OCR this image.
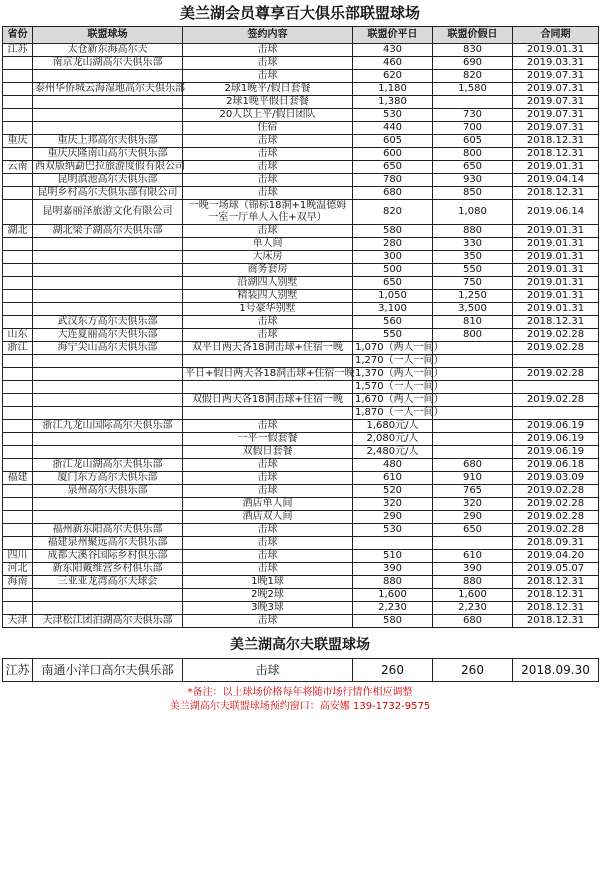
美兰湖会员尊享百大俱乐部联盟球场
省份	联盟球场	签约内容	联盟价平日	联盟价假日	合同期
江苏	太仓新东海高尔夫	击球	430	830	2019.01.31
	南京龙山湖高尔夫俱乐部	击球	460	690	2019.03.31
		击球	620	820	2019.07.31
	泰州华侨城云海湿地高尔夫俱乐部	2球1晚平/假日套餐	1,180	1,580	2019.07.31
		2球1晚平假日套餐	1,380		2019.07.31
		20人以上平/假日团队	530	730	2019.07.31
		住宿	440	700	2019.07.31
重庆	重庆上邦高尔夫俱乐部	击球	605	605	2018.12.31
	重庆庆隆南山高尔夫俱乐部	击球	600	800	2018.12.31
云南	西双版纳勐巴拉旅游度假有限公司	击球	650	650	2019.01.31
	昆明滇池高尔夫俱乐部	击球	780	930	2019.04.14
	昆明乡村高尔夫俱乐部有限公司	击球	680	850	2018.12.31
	昆明嘉丽泽旅游文化有限公司	一晚一场球（锦标18洞+1晚温德姆一室一厅单人入住+双早）	820	1,080	2019.06.14
湖北	湖北梁子湖高尔夫俱乐部	击球	580	880	2019.01.31
		单人间	280	330	2019.01.31
		大床房	300	350	2019.01.31
		商务套房	500	550	2019.01.31
		沿湖四人别墅	650	750	2019.01.31
		精装四人别墅	1,050	1,250	2019.01.31
		1号豪华别墅	3,100	3,500	2019.01.31
	武汉东方高尔夫俱乐部	击球	560	810	2018.12.31
山东	大连夏丽高尔夫俱乐部	击球	550	800	2019.02.28
浙江	海宁尖山高尔夫俱乐部	双平日两天各18洞击球+住宿一晚	1,070（两人一间）		2019.02.28
			1,270（一人一间）		
		平日+假日两天各18洞击球+住宿一晚	1,370（两人一间）		2019.02.28
			1,570（一人一间）		
		双假日两天各18洞击球+住宿一晚	1,670（两人一间）		2019.02.28
			1,870（一人一间）		
	浙江九龙山国际高尔夫俱乐部	击球	1,680元/人		2019.06.19
		一平一假套餐	2,080元/人		2019.06.19
		双假日套餐	2,480元/人		2019.06.19
	浙江龙山湖高尔夫俱乐部	击球	480	680	2019.06.18
福建	厦门东方高尔夫俱乐部	击球	610	910	2019.03.09
	泉州高尔夫俱乐部	击球	520	765	2019.02.28
		酒店单人间	320	320	2019.02.28
		酒店双人间	290	290	2019.02.28
	福州新东阳高尔夫俱乐部	击球	530	650	2019.02.28
	福建泉州聚远高尔夫俱乐部	击球			2018.09.31
四川	成都大溪谷国际乡村俱乐部	击球	510	610	2019.04.20
河北	新东阳戴维营乡村俱乐部	击球	390	390	2019.05.07
海南	三亚亚龙湾高尔夫球会	1晚1球	880	880	2018.12.31
		2晚2球	1,600	1,600	2018.12.31
		3晚3球	2,230	2,230	2018.12.31
天津	天津松江团泊湖高尔夫俱乐部	击球	580	680	2018.12.31
美兰湖高尔夫联盟球场
江苏	南通小洋口高尔夫俱乐部	击球	260	260	2018.09.30
*备注：以上球场价格每年将随市场行情作相应调整
美兰湖高尔夫联盟球场预约窗口：高安娜 139-1732-9575
